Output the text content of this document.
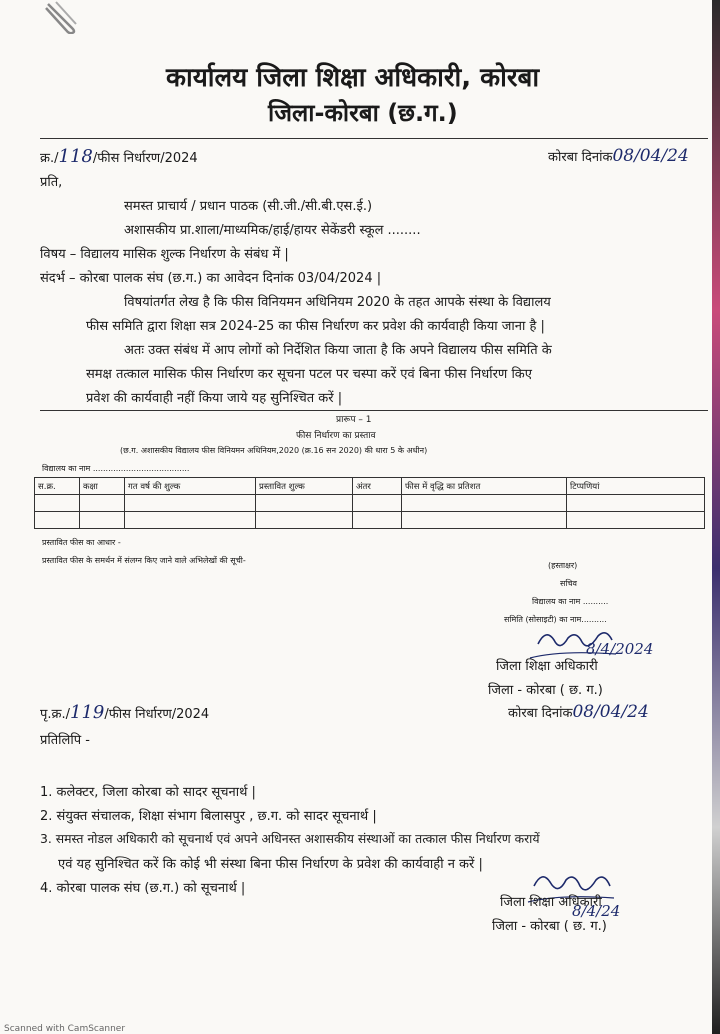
कार्यालय जिला शिक्षा अधिकारी, कोरबा
जिला-कोरबा (छ.ग.)
क्र./118/फीस निर्धारण/2024	कोरबा दिनांक08/04/24
प्रति,
समस्त प्राचार्य / प्रधान पाठक (सी.जी./सी.बी.एस.ई.)
अशासकीय प्रा.शाला/माध्यमिक/हाई/हायर सेकेंडरी स्कूल ........
विषय – विद्यालय मासिक शुल्क निर्धारण के संबंध में |
संदर्भ – कोरबा पालक संघ (छ.ग.) का आवेदन दिनांक 03/04/2024 |
विषयांतर्गत लेख है कि फीस विनियमन अधिनियम 2020 के तहत आपके संस्था के विद्यालय
फीस समिति द्वारा शिक्षा सत्र 2024-25 का फीस निर्धारण कर प्रवेश की कार्यवाही किया जाना है |
अतः उक्त संबंध में आप लोगों को निर्देशित किया जाता है कि अपने विद्यालय फीस समिति के
समक्ष तत्काल मासिक फीस निर्धारण कर सूचना पटल पर चस्पा करें एवं बिना फीस निर्धारण किए
प्रवेश की कार्यवाही नहीं किया जाये यह सुनिश्चित करें |
प्रारूप – 1
फीस निर्धारण का प्रस्ताव
(छ.ग. अशासकीय विद्यालय फीस विनियमन अधिनियम,2020 (क्र.16 सन 2020) की धारा 5 के अधीन)
विद्यालय का नाम ......................................
स.क्र.	कक्षा	गत वर्ष की शुल्क	प्रस्तावित शुल्क	अंतर	फीस में वृद्धि का प्रतिशत	टिप्पणियां

प्रस्तावित फीस का आधार -
प्रस्तावित फीस के समर्थन में संलग्न किए जाने वाले अभिलेखों की सूची-
(हस्ताक्षर)
सचिव
विद्यालय का नाम ..........
समिति (सोसाइटी) का नाम..........
8/4/2024
जिला शिक्षा अधिकारी
जिला - कोरबा ( छ. ग.)
पृ.क्र./119/फीस निर्धारण/2024	कोरबा दिनांक08/04/24
प्रतिलिपि -
1. कलेक्टर, जिला कोरबा को सादर सूचनार्थ |
2. संयुक्त संचालक, शिक्षा संभाग बिलासपुर , छ.ग. को सादर सूचनार्थ |
3. समस्त नोडल अधिकारी को सूचनार्थ एवं अपने अधिनस्त अशासकीय संस्थाओं का तत्काल फीस निर्धारण करायें
एवं यह सुनिश्चित करें कि कोई भी संस्था बिना फीस निर्धारण के प्रवेश की कार्यवाही न करें |
4. कोरबा पालक संघ (छ.ग.) को सूचनार्थ |
8/4/24
जिला शिक्षा अधिकारी
जिला - कोरबा ( छ. ग.)
Scanned with CamScanner
